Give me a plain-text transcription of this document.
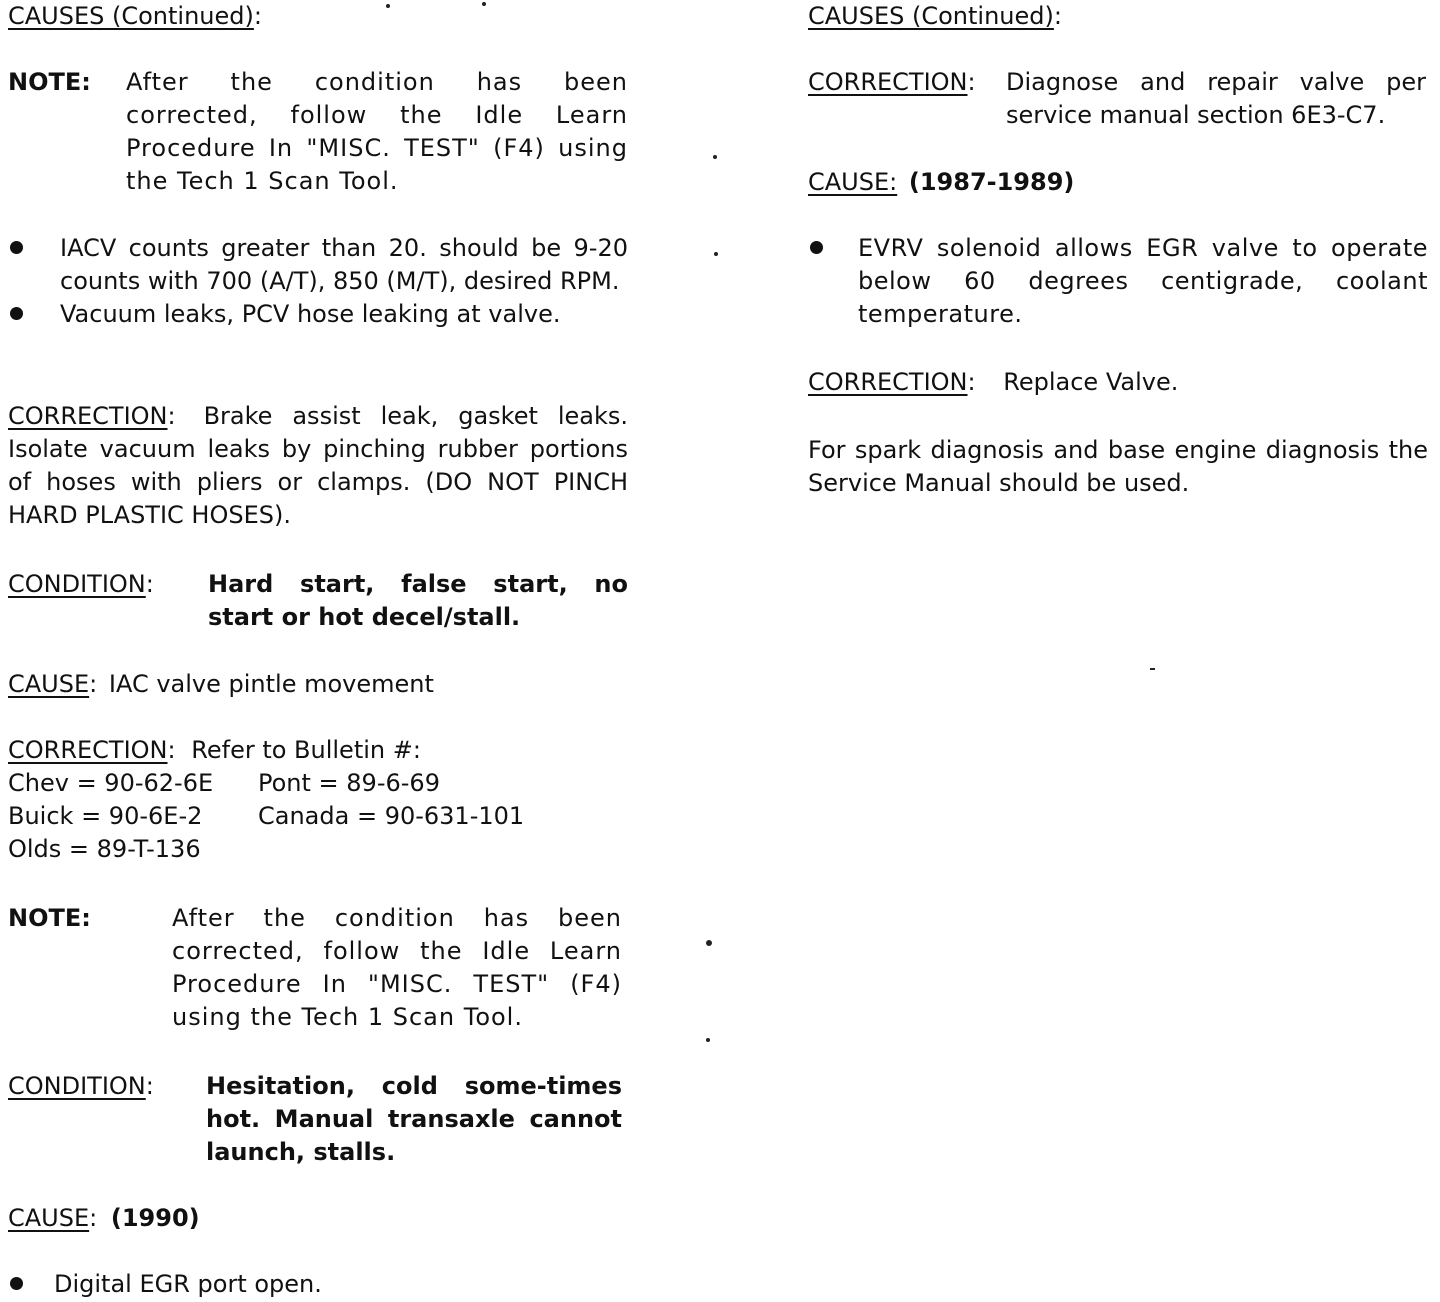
CAUSES (Continued):
NOTE:	After the condition has been corrected, follow the Idle Learn Procedure In "MISC. TEST" (F4) using the Tech 1 Scan Tool.
IACV counts greater than 20. should be 9-20 counts with 700 (A/T), 850 (M/T), desired RPM.
Vacuum leaks, PCV hose leaking at valve.
CORRECTION: Brake assist leak, gasket leaks. Isolate vacuum leaks by pinching rubber portions of hoses with pliers or clamps. (DO NOT PINCH HARD PLASTIC HOSES).
CONDITION:	Hard start, false start, no start or hot decel/stall.
CAUSE: IAC valve pintle movement
CORRECTION: Refer to Bulletin #:
Chev = 90-62-6E	Pont = 89-6-69
Buick = 90-6E-2	Canada = 90-631-101
Olds = 89-T-136
NOTE:	After the condition has been corrected, follow the Idle Learn Procedure In "MISC. TEST" (F4) using the Tech 1 Scan Tool.
CONDITION:	Hesitation, cold some-times hot. Manual transaxle cannot launch, stalls.
CAUSE: (1990)
Digital EGR port open.
CAUSES (Continued):
CORRECTION:	Diagnose and repair valve per service manual section 6E3-C7.
CAUSE: (1987-1989)
EVRV solenoid allows EGR valve to operate below 60 degrees centigrade, coolant temperature.
CORRECTION: Replace Valve.
For spark diagnosis and base engine diagnosis the Service Manual should be used.
